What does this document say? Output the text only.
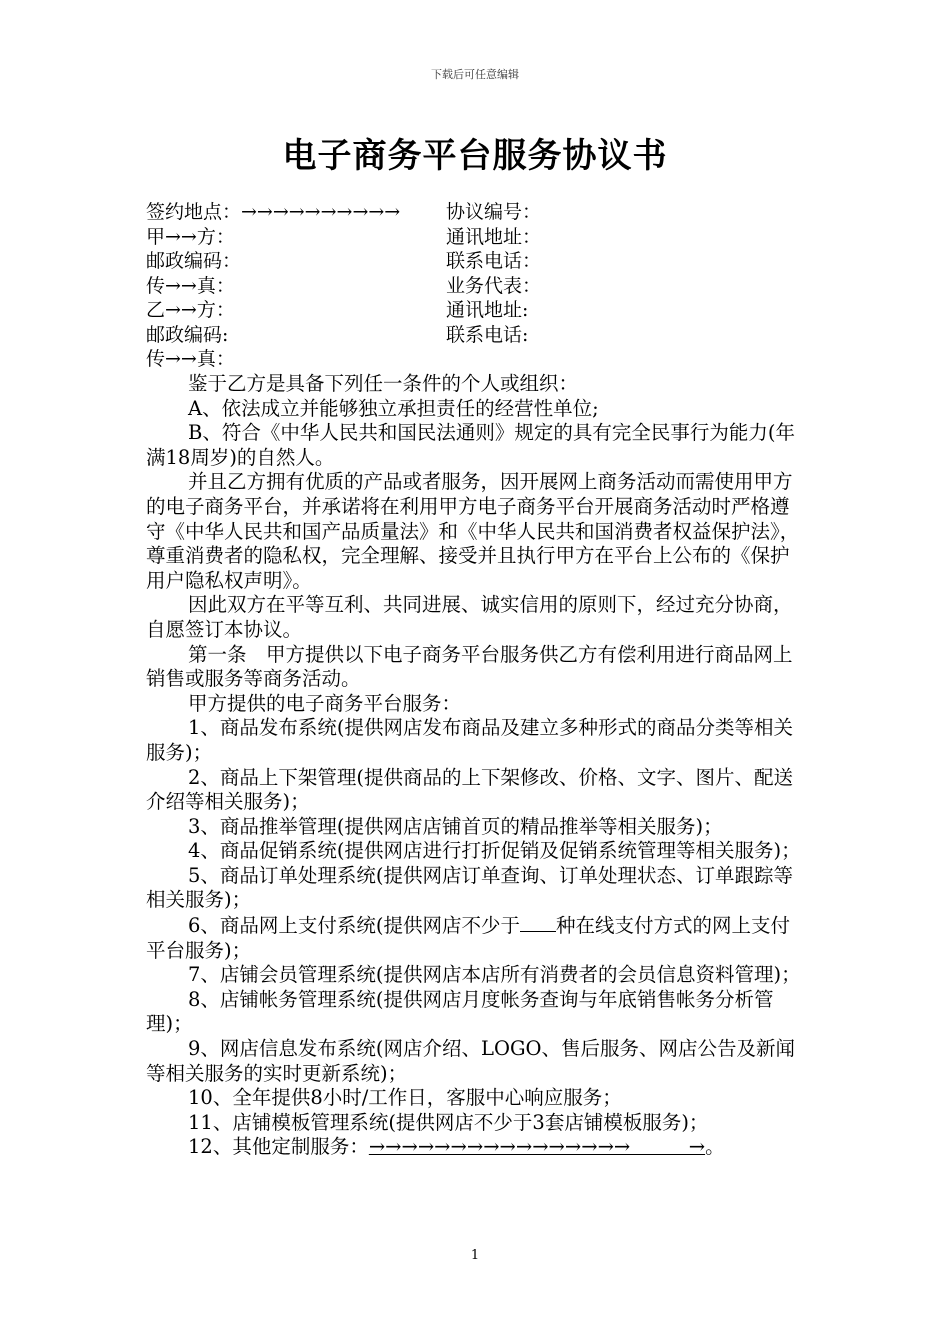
下载后可任意编辑
电子商务平台服务协议书
签约地点：→→→→→→→→→→ 协议编号：
甲→→方：	通讯地址：
邮政编码：	联系电话：
传→→真：	业务代表：
乙→→方：	通讯地址:
邮政编码:	联系电话:
传→→真：

鉴于乙方是具备下列任一条件的个人或组织：

A、依法成立并能够独立承担责任的经营性单位;

B、符合《中华人民共和国民法通则》规定的具有完全民事行为能力(年满18周岁)的自然人。

并且乙方拥有优质的产品或者服务，因开展网上商务活动而需使用甲方的电子商务平台，并承诺将在利用甲方电子商务平台开展商务活动时严格遵守《中华人民共和国产品质量法》和《中华人民共和国消费者权益保护法》，尊重消费者的隐私权，完全理解、接受并且执行甲方在平台上公布的《保护用户隐私权声明》。

因此双方在平等互利、共同进展、诚实信用的原则下，经过充分协商，自愿签订本协议。

第一条　甲方提供以下电子商务平台服务供乙方有偿利用进行商品网上销售或服务等商务活动。

甲方提供的电子商务平台服务：

1、商品发布系统(提供网店发布商品及建立多种形式的商品分类等相关服务)；

2、商品上下架管理(提供商品的上下架修改、价格、文字、图片、配送介绍等相关服务)；

3、商品推举管理(提供网店店铺首页的精品推举等相关服务)；

4、商品促销系统(提供网店进行打折促销及促销系统管理等相关服务)；

5、商品订单处理系统(提供网店订单查询、订单处理状态、订单跟踪等相关服务)；

6、商品网上支付系统(提供网店不少于 种在线支付方式的网上支付平台服务)；

7、店铺会员管理系统(提供网店本店所有消费者的会员信息资料管理)；

8、店铺帐务管理系统(提供网店月度帐务查询与年底销售帐务分析管理)；

9、网店信息发布系统(网店介绍、LOGO、售后服务、网店公告及新闻等相关服务的实时更新系统)；

10、全年提供8小时/工作日，客服中心响应服务；

11、店铺模板管理系统(提供网店不少于3套店铺模板服务)；

12、其他定制服务：→→→→→→→→→→→→→→→→　　　→。

1
